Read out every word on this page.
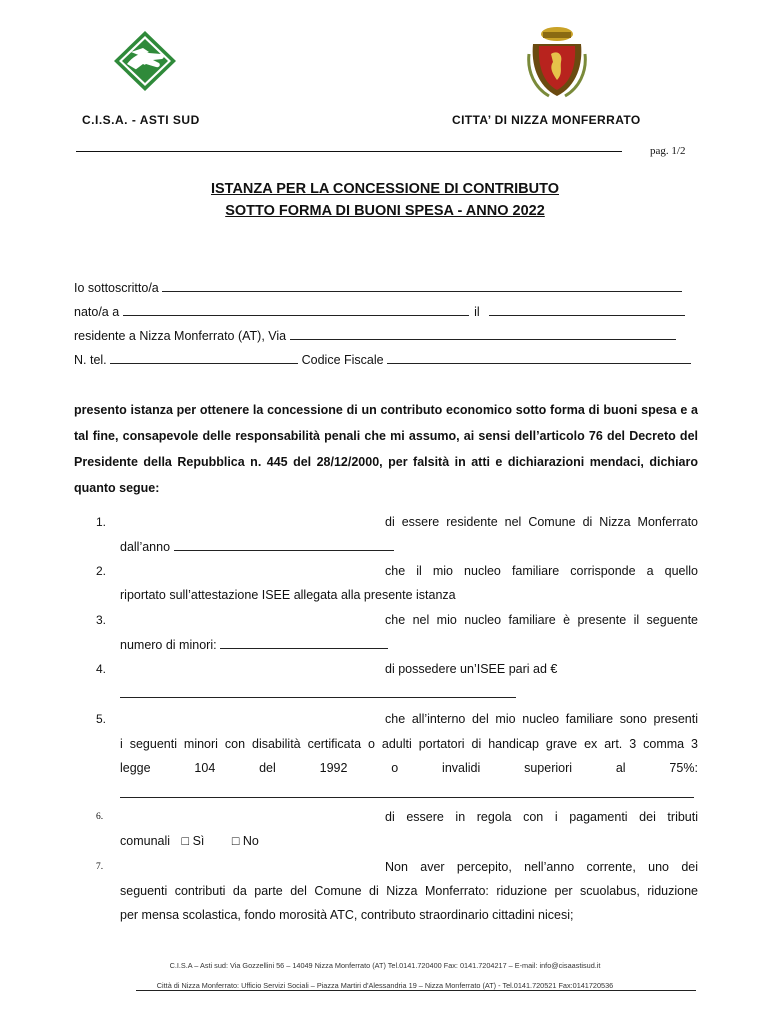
C.I.S.A. - ASTI SUD	CITTA’ DI NIZZA MONFERRATO
pag. 1/2
ISTANZA PER LA CONCESSIONE DI CONTRIBUTO
SOTTO FORMA DI BUONI SPESA - ANNO 2022
Io sottoscritto/a
nato/a a	il
residente a Nizza Monferrato (AT), Via
N. tel.	Codice Fiscale
presento istanza per ottenere la concessione di un contributo economico sotto forma di buoni spesa e a tal fine, consapevole delle responsabilità penali che mi assumo, ai sensi dell’articolo 76 del Decreto del Presidente della Repubblica n. 445 del 28/12/2000, per falsità in atti e dichiarazioni mendaci, dichiaro quanto segue:
1.	di essere residente nel Comune di Nizza Monferrato
dall’anno
2.	che il mio nucleo familiare corrisponde a quello
riportato sull’attestazione ISEE allegata alla presente istanza
3.	che nel mio nucleo familiare è presente il seguente
numero di minori:
4.	di possedere un’ISEE pari ad €
5.	che all’interno del mio nucleo familiare sono presenti
i seguenti minori con disabilità certificata o adulti portatori di handicap grave ex art. 3 comma 3
legge	104	del	1992	o	invalidi	superiori	al	75%:
6.	di essere in regola con i pagamenti dei tributi
comunali □ Sì □ No
7.	Non aver percepito, nell’anno corrente, uno dei
seguenti contributi da parte del Comune di Nizza Monferrato: riduzione per scuolabus, riduzione
per mensa scolastica, fondo morosità ATC, contributo straordinario cittadini nicesi;
C.I.S.A – Asti sud: Via Gozzellini 56 – 14049 Nizza Monferrato (AT) Tel.0141.720400 Fax: 0141.7204217 – E-mail: info@cisaastisud.it
Città di Nizza Monferrato: Ufficio Servizi Sociali – Piazza Martiri d'Alessandria 19 – Nizza Monferrato (AT) - Tel.0141.720521 Fax:0141720536
